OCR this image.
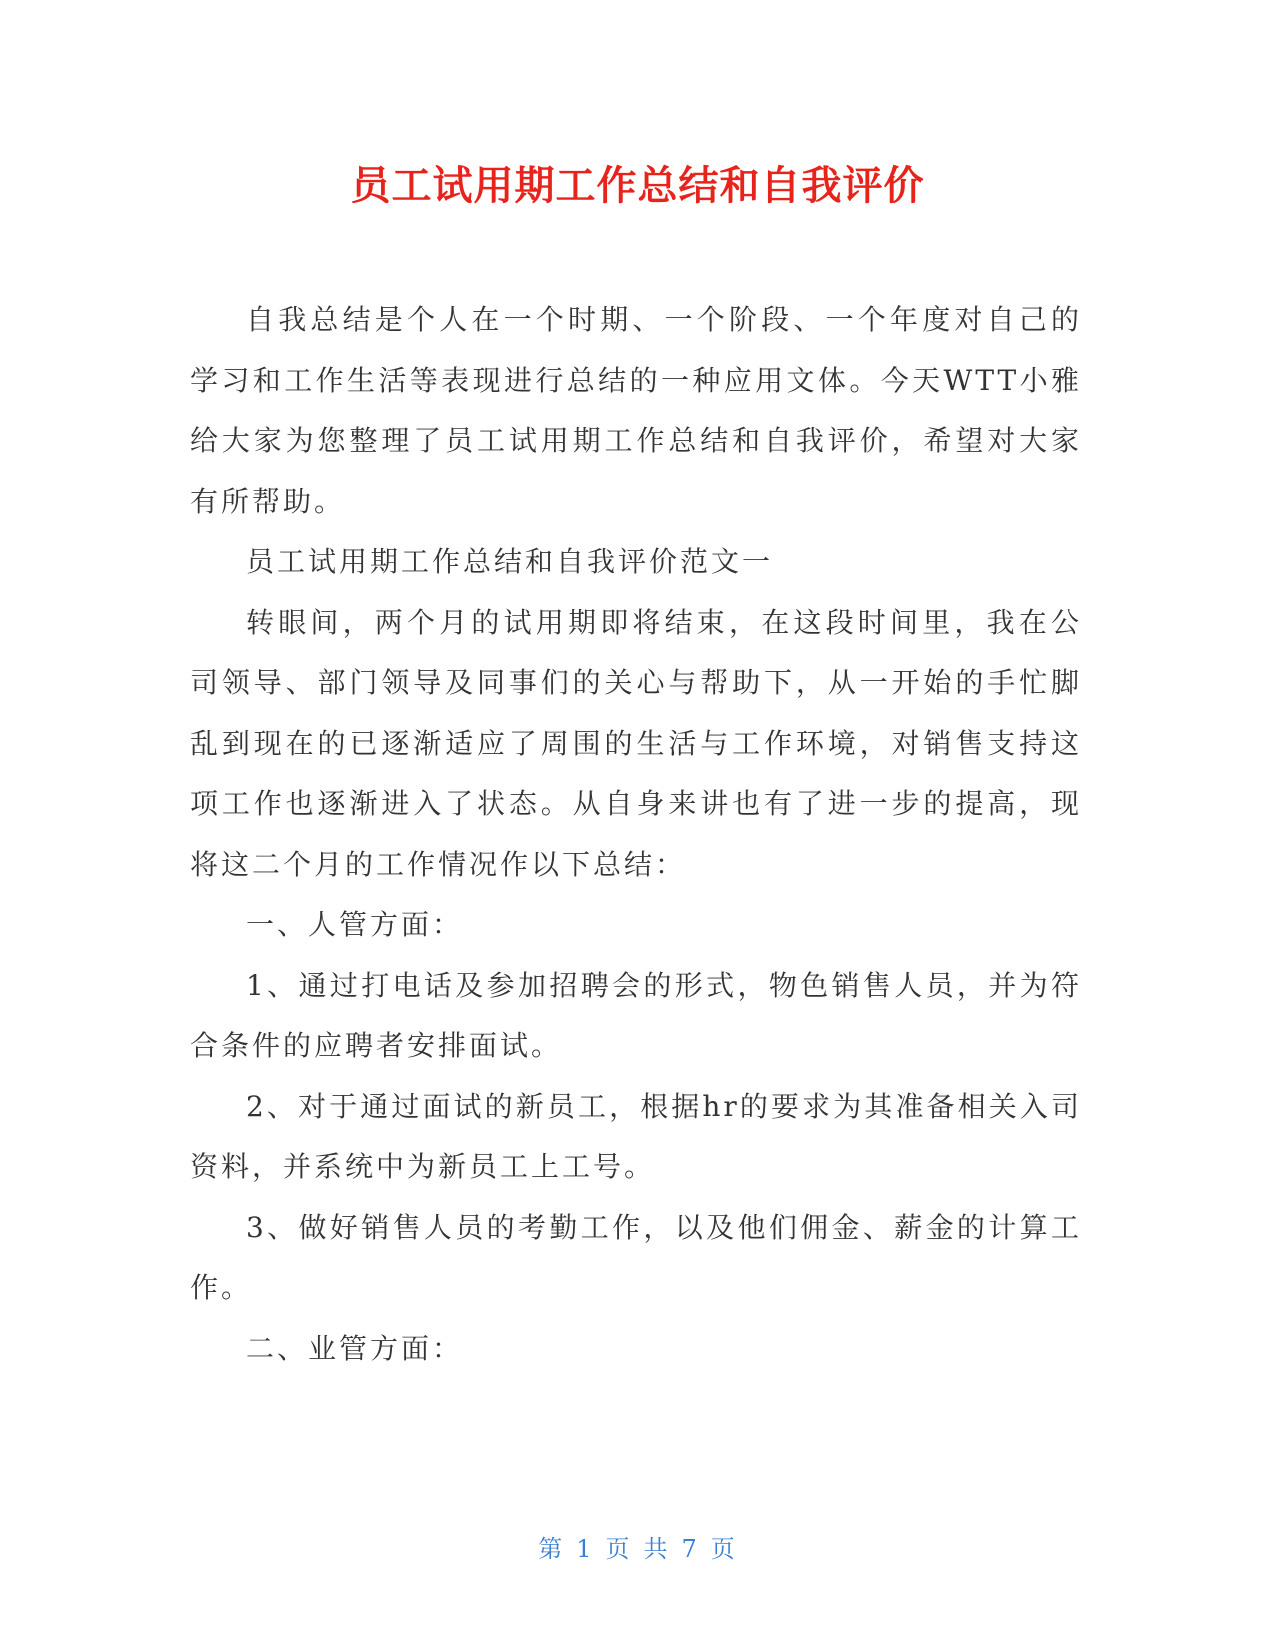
员工试用期工作总结和自我评价

自我总结是个人在一个时期、一个阶段、一个年度对自己的学习和工作生活等表现进行总结的一种应用文体。今天WTT小雅给大家为您整理了员工试用期工作总结和自我评价，希望对大家有所帮助。

员工试用期工作总结和自我评价范文一

转眼间，两个月的试用期即将结束，在这段时间里，我在公司领导、部门领导及同事们的关心与帮助下，从一开始的手忙脚乱到现在的已逐渐适应了周围的生活与工作环境，对销售支持这项工作也逐渐进入了状态。从自身来讲也有了进一步的提高，现将这二个月的工作情况作以下总结：

一、人管方面：

1、通过打电话及参加招聘会的形式，物色销售人员，并为符合条件的应聘者安排面试。

2、对于通过面试的新员工，根据hr的要求为其准备相关入司资料，并系统中为新员工上工号。

3、做好销售人员的考勤工作，以及他们佣金、薪金的计算工作。

二、业管方面：

第 1 页 共 7 页
